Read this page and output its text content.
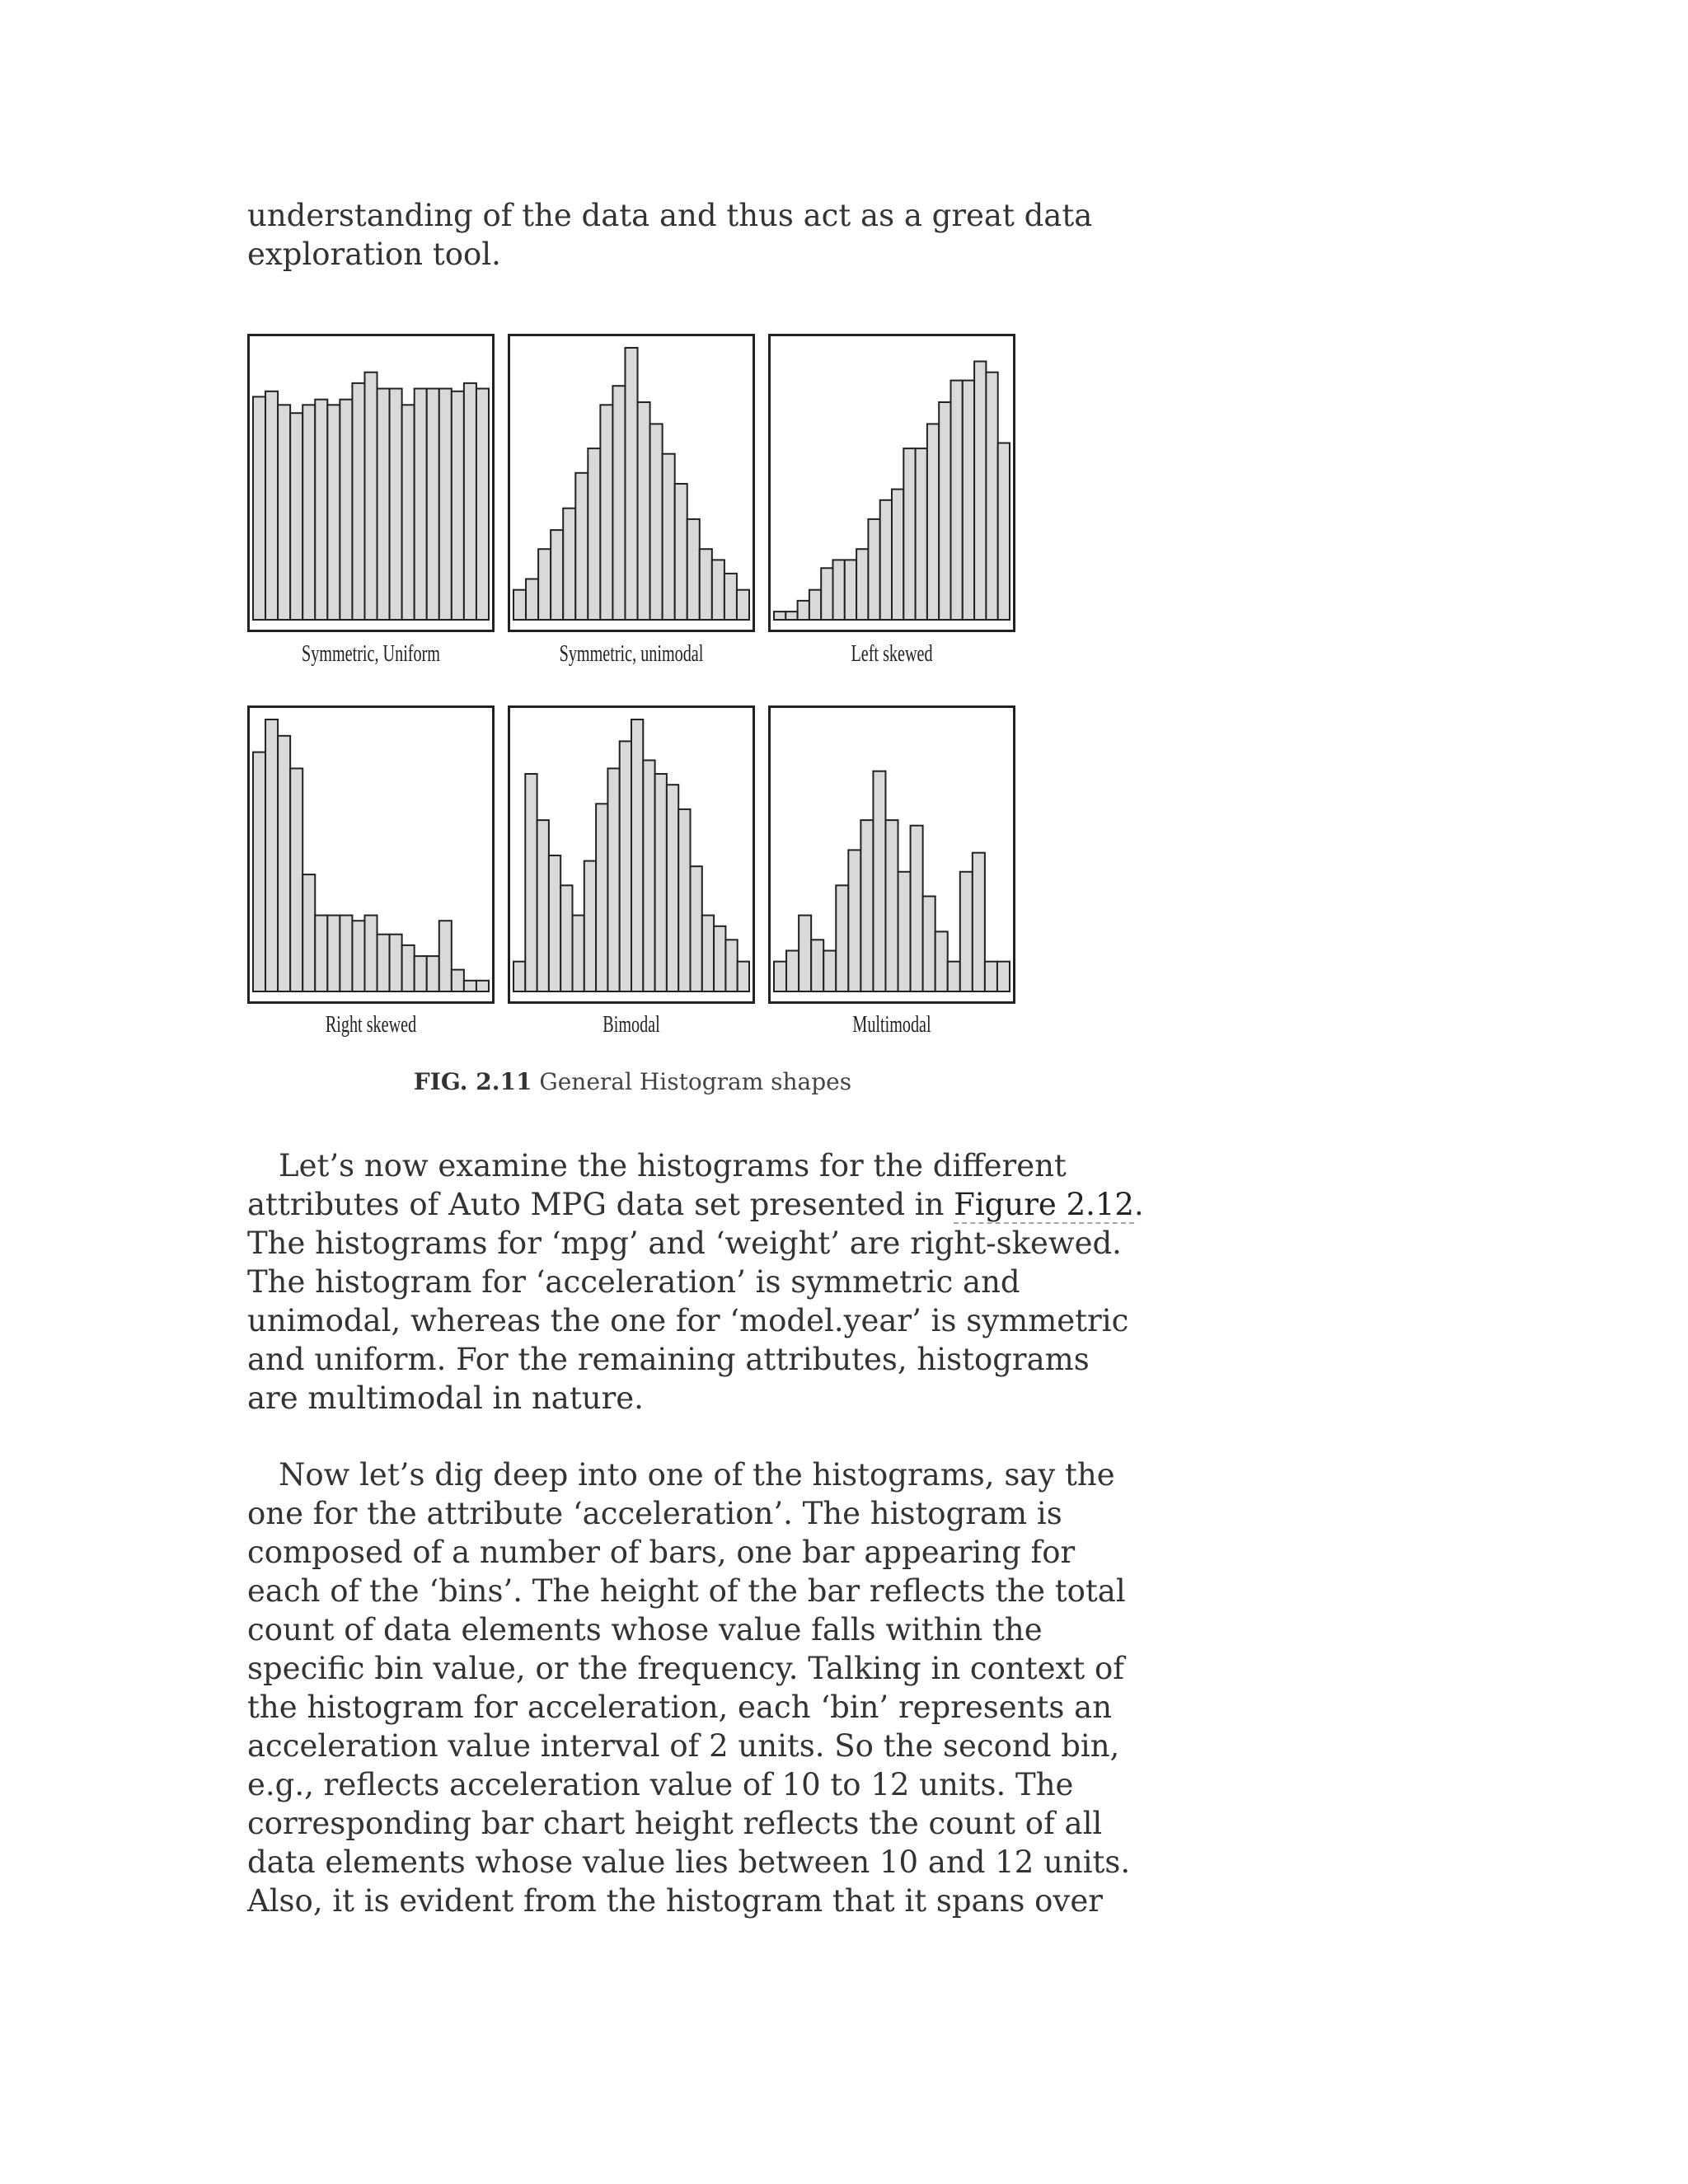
understanding of the data and thus act as a great data
exploration tool.

Symmetric, Uniform	Symmetric, unimodal	Left skewed
Right skewed	Bimodal	Multimodal
FIG. 2.11 General Histogram shapes

Let’s now examine the histograms for the different
attributes of Auto MPG data set presented in Figure 2.12.
The histograms for ‘mpg’ and ‘weight’ are right-skewed.
The histogram for ‘acceleration’ is symmetric and
unimodal, whereas the one for ‘model.year’ is symmetric
and uniform. For the remaining attributes, histograms
are multimodal in nature.

Now let’s dig deep into one of the histograms, say the
one for the attribute ‘acceleration’. The histogram is
composed of a number of bars, one bar appearing for
each of the ‘bins’. The height of the bar reflects the total
count of data elements whose value falls within the
specific bin value, or the frequency. Talking in context of
the histogram for acceleration, each ‘bin’ represents an
acceleration value interval of 2 units. So the second bin,
e.g., reflects acceleration value of 10 to 12 units. The
corresponding bar chart height reflects the count of all
data elements whose value lies between 10 and 12 units.
Also, it is evident from the histogram that it spans over
